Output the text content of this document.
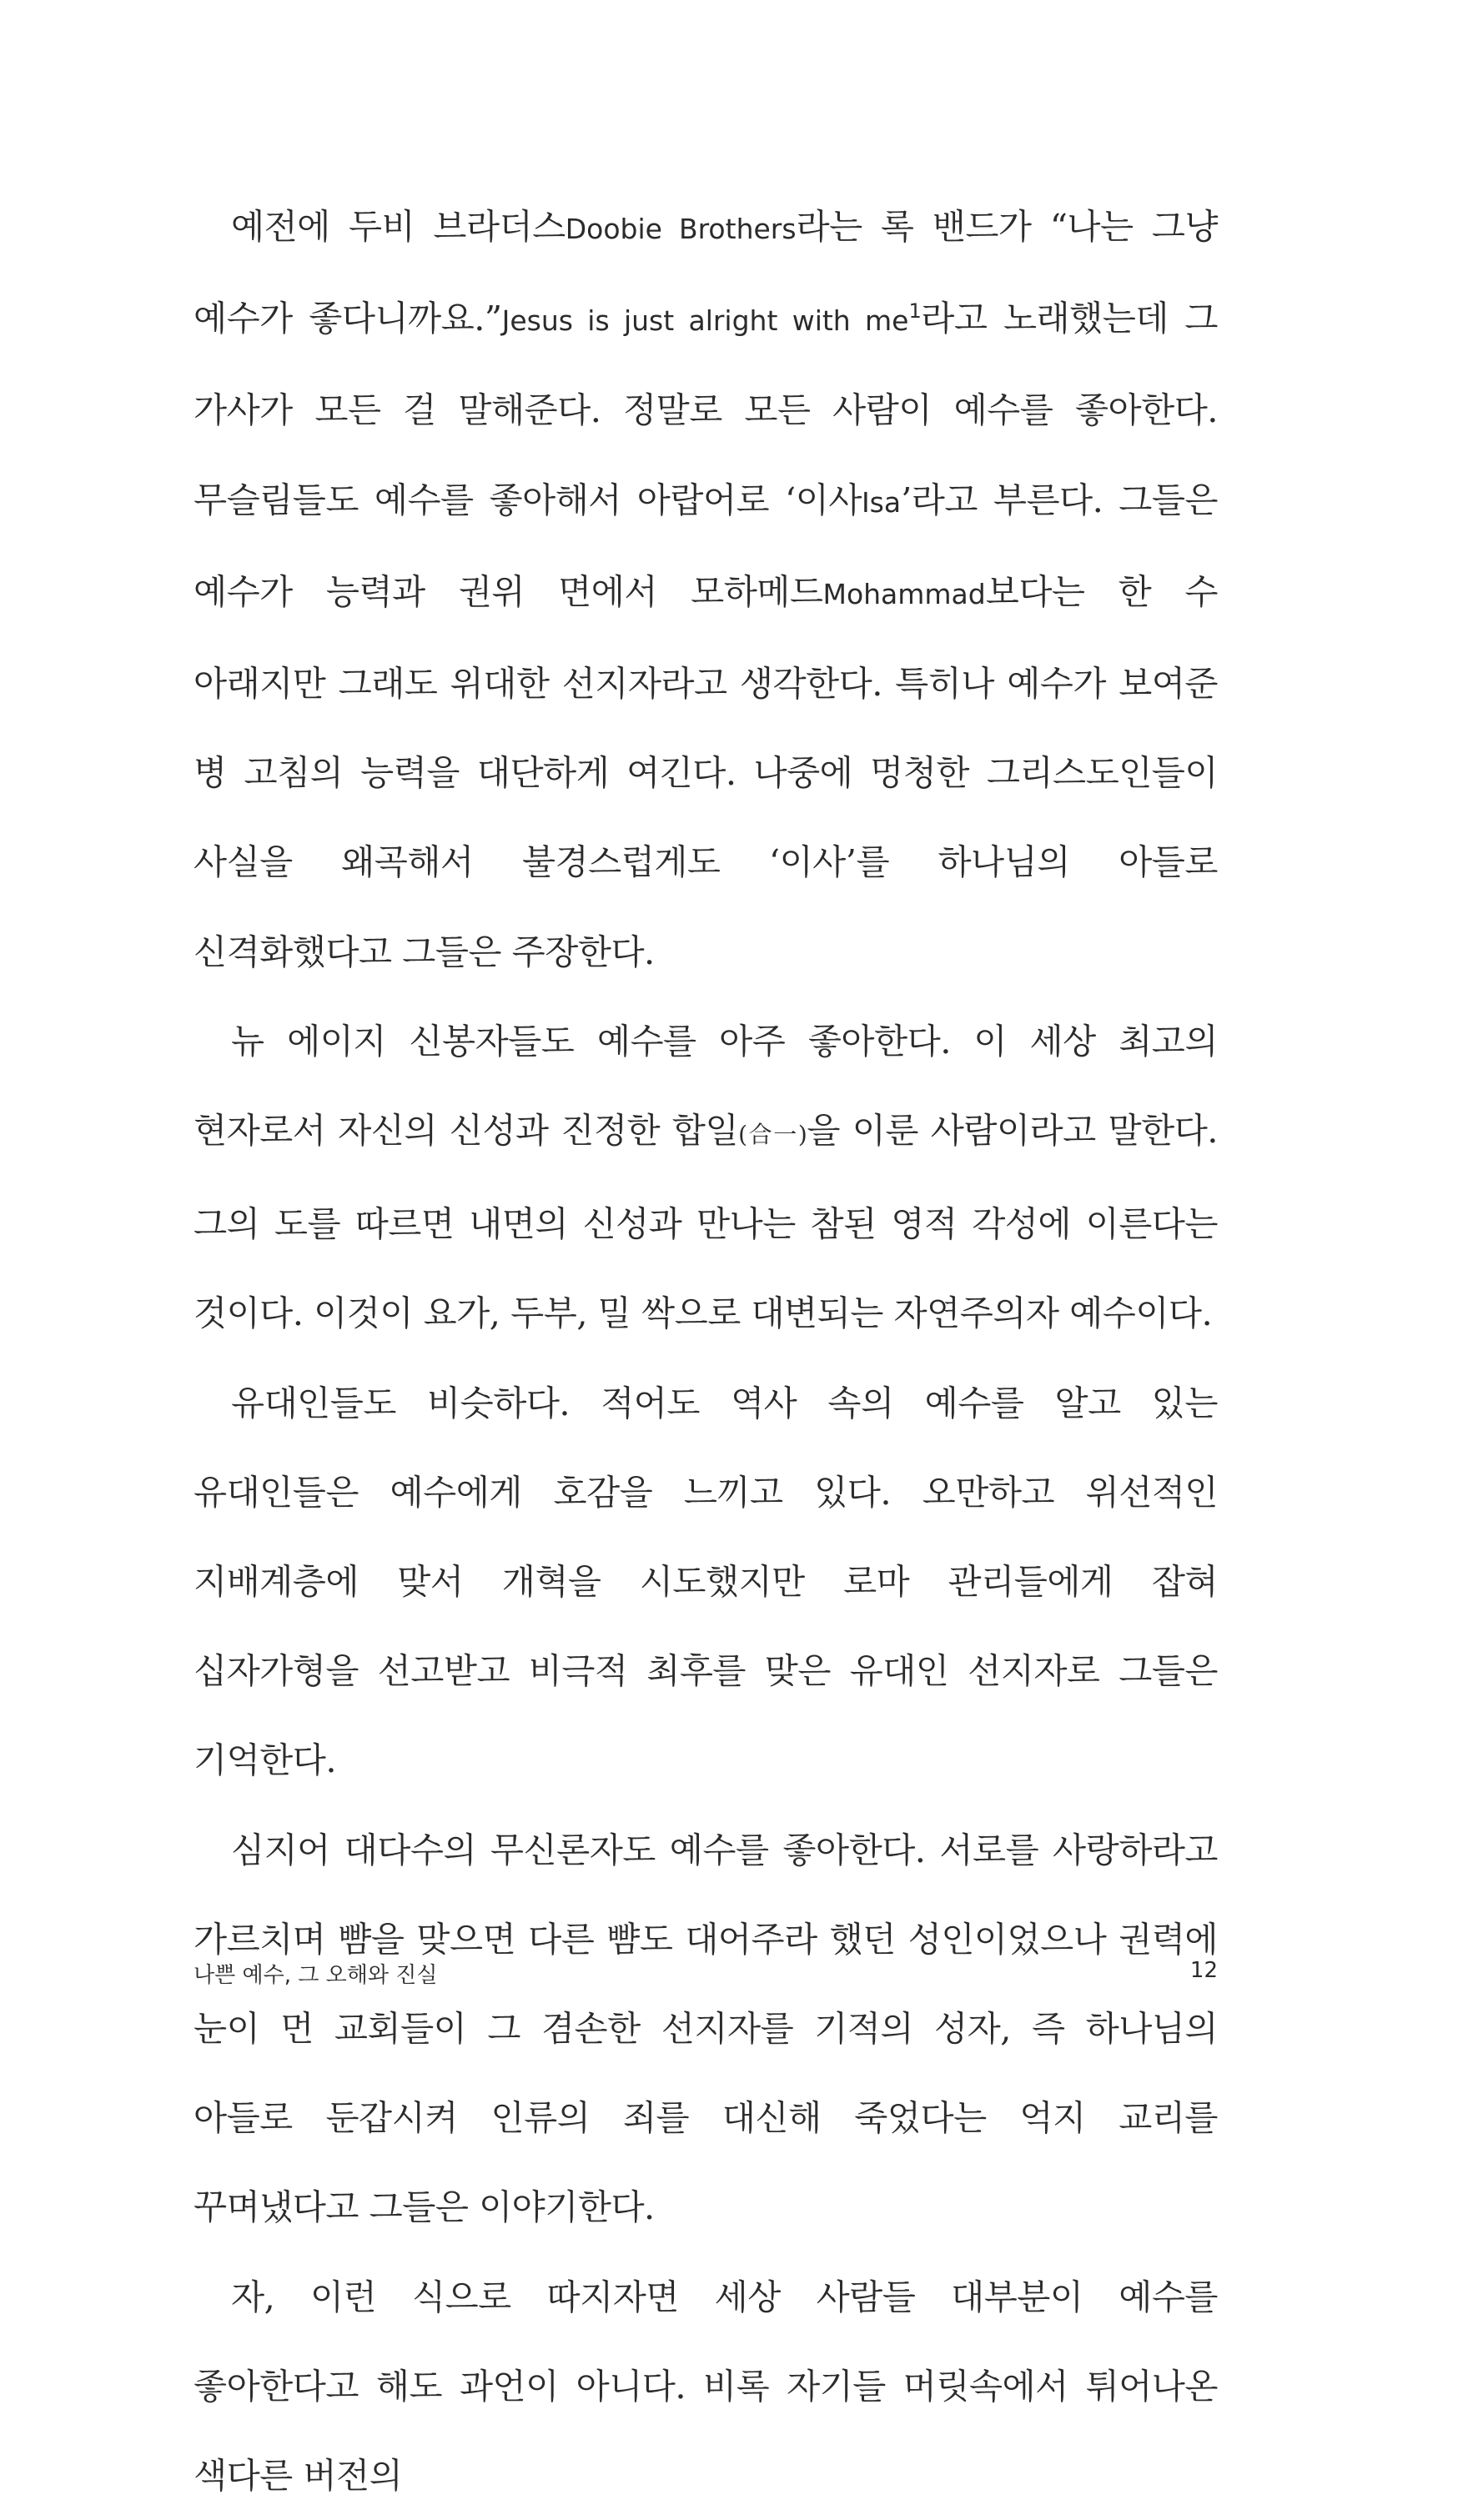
예전에 두비 브라더스Doobie Brothers라는 록 밴드가 “나는 그냥 예수가 좋다니까요.”Jesus is just alright with $me^1$라고 노래했는데 그 가사가 모든 걸 말해준다. 정말로 모든 사람이 예수를 좋아한다. 무슬림들도 예수를 좋아해서 아랍어로 ‘이사Isa’라고 부른다. 그들은 예수가 능력과 권위 면에서 모하메드Mohammad보다는 한 수 아래지만 그래도 위대한 선지자라고 생각한다. 특히나 예수가 보여준 병 고침의 능력을 대단하게 여긴다. 나중에 멍청한 그리스도인들이 사실을 왜곡해서 불경스럽게도 ‘이사’를 하나님의 아들로 신격화했다고 그들은 주장한다.

뉴 에이지 신봉자들도 예수를 아주 좋아한다. 이 세상 최고의 현자로서 자신의 신성과 진정한 합일(合一)을 이룬 사람이라고 말한다. 그의 도를 따르면 내면의 신성과 만나는 참된 영적 각성에 이른다는 것이다. 이것이 요가, 두부, 밀 싹으로 대변되는 자연주의자 예수이다.

유대인들도 비슷하다. 적어도 역사 속의 예수를 알고 있는 유대인들은 예수에게 호감을 느끼고 있다. 오만하고 위선적인 지배계층에 맞서 개혁을 시도했지만 로마 관리들에게 잡혀 십자가형을 선고받고 비극적 최후를 맞은 유대인 선지자로 그들은 기억한다.

심지어 대다수의 무신론자도 예수를 좋아한다. 서로를 사랑하라고 가르치며 뺨을 맞으면 다른 뺨도 대어주라 했던 성인이었으나 권력에 눈이 먼 교회들이 그 겸손한 선지자를 기적의 성자, 즉 하나님의 아들로 둔갑시켜 인류의 죄를 대신해 죽었다는 억지 교리를 꾸며냈다고 그들은 이야기한다.

자, 이런 식으로 따지자면 세상 사람들 대부분이 예수를 좋아한다고 해도 과언이 아니다. 비록 자기들 머릿속에서 튀어나온 색다른 버전의

나쁜 예수, 그 오해와 진실	12
